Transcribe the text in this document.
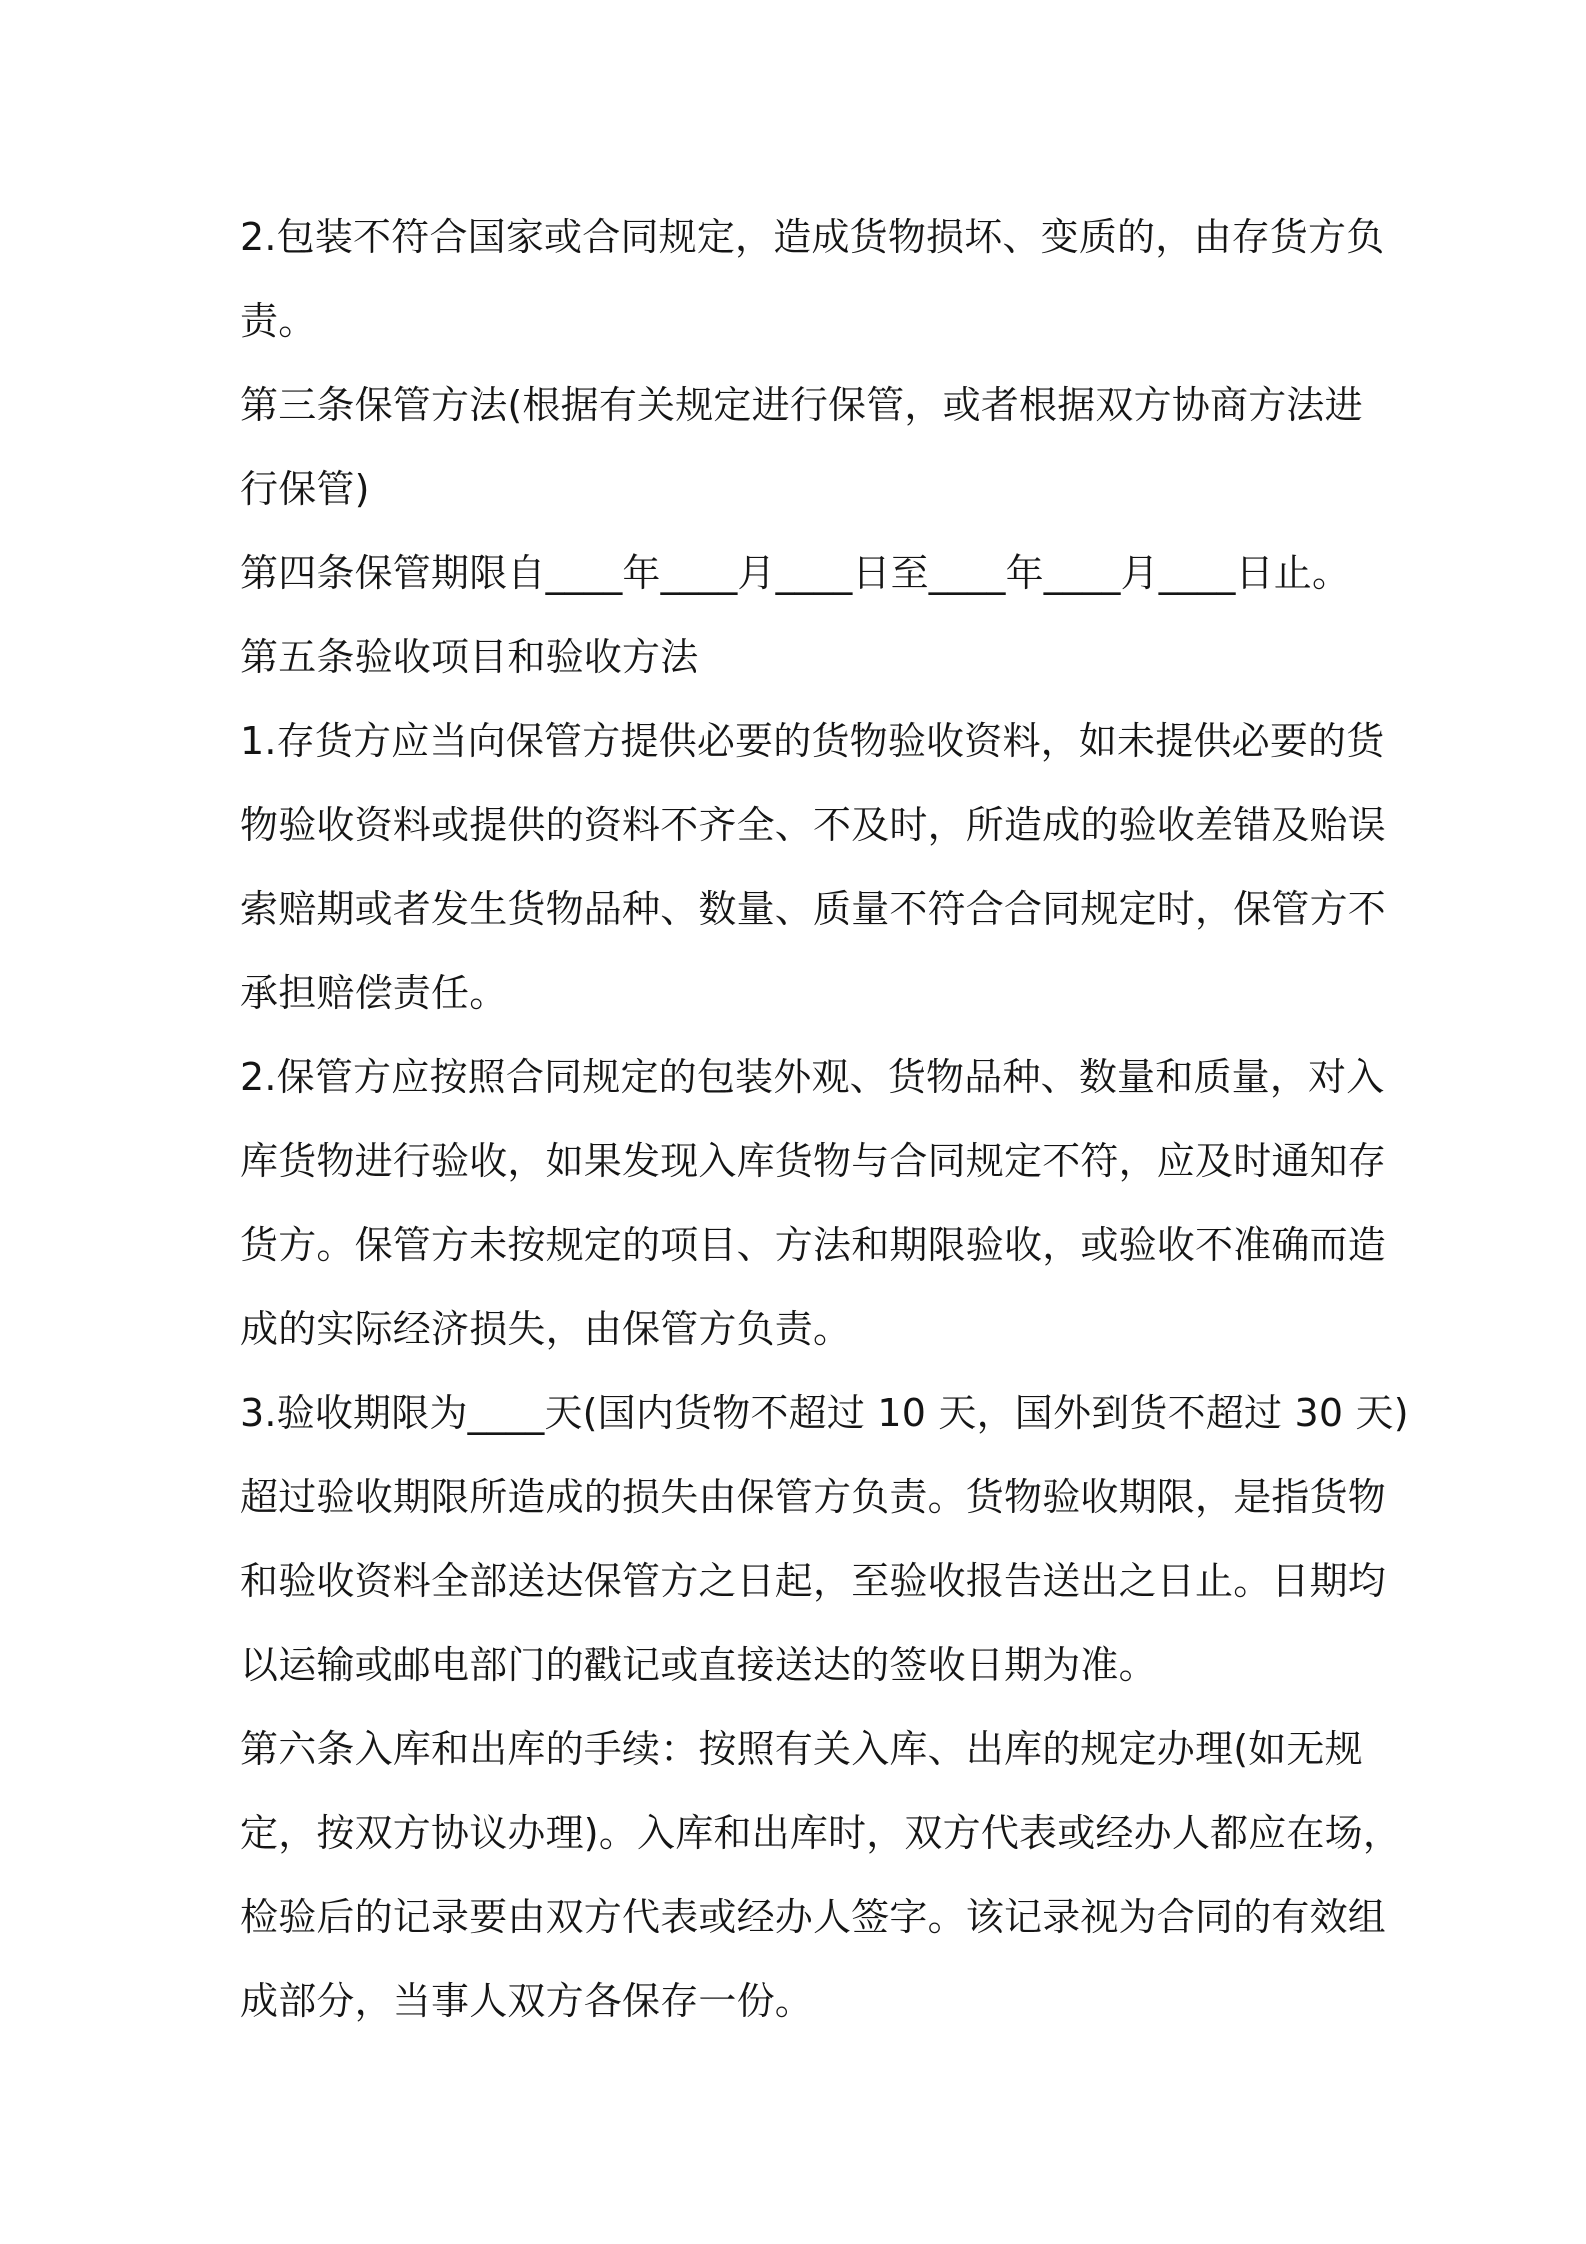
2.包装不符合国家或合同规定，造成货物损坏、变质的，由存货方负

责。

第三条保管方法(根据有关规定进行保管，或者根据双方协商方法进

行保管)

第四条保管期限自____年____月____日至____年____月____日止。

第五条验收项目和验收方法

1.存货方应当向保管方提供必要的货物验收资料，如未提供必要的货

物验收资料或提供的资料不齐全、不及时，所造成的验收差错及贻误

索赔期或者发生货物品种、数量、质量不符合合同规定时，保管方不

承担赔偿责任。

2.保管方应按照合同规定的包装外观、货物品种、数量和质量，对入

库货物进行验收，如果发现入库货物与合同规定不符，应及时通知存

货方。保管方未按规定的项目、方法和期限验收，或验收不准确而造

成的实际经济损失，由保管方负责。

3.验收期限为____天(国内货物不超过 10 天，国外到货不超过 30 天)

超过验收期限所造成的损失由保管方负责。货物验收期限，是指货物

和验收资料全部送达保管方之日起，至验收报告送出之日止。日期均

以运输或邮电部门的戳记或直接送达的签收日期为准。

第六条入库和出库的手续：按照有关入库、出库的规定办理(如无规

定，按双方协议办理)。入库和出库时，双方代表或经办人都应在场，

检验后的记录要由双方代表或经办人签字。该记录视为合同的有效组

成部分，当事人双方各保存一份。
